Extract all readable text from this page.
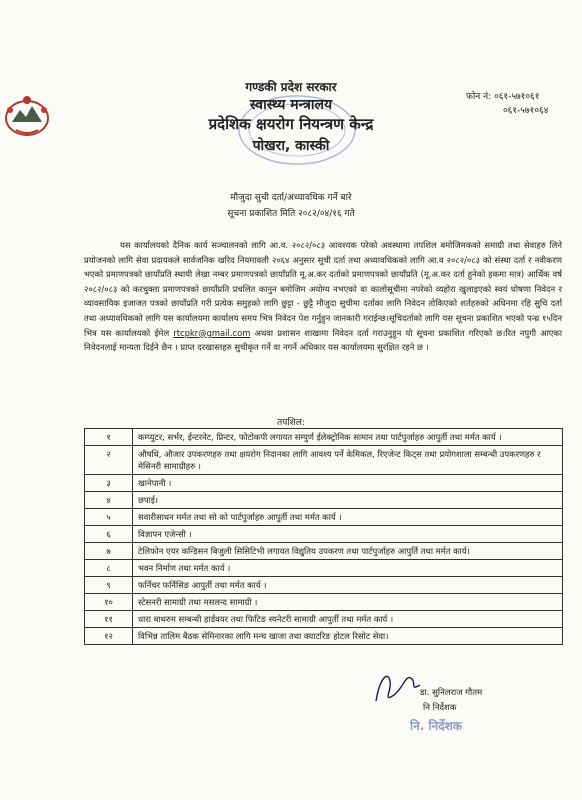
गण्डकी प्रदेश सरकार
स्वास्थ्य मन्त्रालय
प्रदेशिक क्षयरोग नियन्त्रण केन्द्र
पोखरा, कास्की
फोन नं: ०६१-५७१०६१
०६१-५७१०६४
मौजुदा सुची दर्ता/अध्यावधिक गर्ने बारे
सूचना प्रकाशित मिति २०८२/०४/१६ गते

यस कार्यालयको दैनिक कार्य सञ्चालनको लागि आ.व. २०८२/०८३ आवश्यक परेको अवस्थामा तपशिल बमोजिमकको समाग्री तथा सेवाहरु लिने प्रयोजनको लागि सेवा प्रदायकले सार्वजनिक खरिद नियमावली २०६४ अनुसार सुची दर्ता तथा अध्यावधिकको लागि आ.व २०८२/०८३ को संस्था दर्ता र नवीकरण भएको प्रमाणपत्रको छायाँप्रति स्थायी लेखा नम्बर प्रमाणपत्रको छायाँप्रति मू.अ.कर दर्ताको प्रमाणपत्रको छायाँप्रति (मू.अ.कर दर्ता हुनेको हकमा मात्र) आर्थिक वर्ष २०८२/०८३ को करचुक्ता प्रमाणपत्रको छायाँप्रति प्रचलित कानुन बमोजिम अयोग्य नभएको वा कालोसूचीमा नपरेको व्यहोरा खुलाइएको स्वयं घोषणा निवेदन र व्यावसायिक इजाजत पत्रको छायाँप्रति गरी प्रत्येक समुहको लागि छुट्टा - छुट्टै मौजुदा सुचीमा दर्ताका लागि निवेदन तोकिएको शर्तहरुको अधिनमा रहि सुचि दर्ता तथा अध्यावधिकको लागि यस कार्यालयमा कार्यालय समय भित्र निवेदन पेश गर्नुहुन जानकारी गराईन्छ।सूचिदर्ताको लागि यस सूचना प्रकाशित भएको पन्ध्र १५दिन भित्र यस कार्यालयको ईमेल rtcpkr@gmail.com अथवा प्रशासन शाखामा निवेदन दर्ता गराउनुहुन यो सूचना प्रकाशित गरिएको छ।रित नपुगी आएका निवेदनलाई मान्यता दिईने छैन । प्राप्त दरखास्तहरु सुचीकृत गर्ने वा नगर्ने अधिकार यस कार्यालयमा सुरक्षित रहने छ ।

तपशिल:
१	कम्प्युटर, सर्भर, ईन्टरनेट, प्रिन्टर, फोटोकपी लगायत सम्पुर्ण ईलेक्ट्रोनिक सामान तथा पार्टपुर्जाहरु आपुर्ती तथा मर्मत कार्य ।
२	औषधि, औजार उपकरणहरु तथा क्षयरोग निदानका लागि आवश्य पर्ने केमिकल, रिएजेन्ट किट्स तथा प्रयोगशाला सम्बन्धी उपकरणहरु र मेसिनरी सामाग्रीहरु ।
३	खानेपानी ।
४	छपाई।
५	सवारीसाधन मर्मत तथा सो को पार्टपुर्जाहरु आपुर्ती तथा मर्मत कार्य ।
६	विज्ञापन एजेन्सी ।
७	टेलिफोन एयर कन्डिसन बिजुली सिसिटिभी लगायत विद्युतिय उपकरण तथा पार्टपुर्जाहरु आपुर्ति तथा मर्मत कार्य।
८	भवन निर्माण तथा मर्मत कार्य ।
९	फर्निचर फर्निसिङ आपुर्ती तथा मर्मत कार्य ।
१०	स्टेसनरी सामाग्री तथा मसलन्द सामाग्री ।
११	धारा बाथरुम सम्बन्धी हार्डवयर तथा फिटिङ स्यनेटरी सामाग्री आपुर्ती तथा मर्मत कार्य ।
१२	विभिन्न तालिम बैठक सेमिनारका लागि मन्च खाजा तथा क्याटरिङ होटल रिसोट सेवा।
डा. सुनिलराज गौतम
नि निर्देशक
नि. निर्देशक
